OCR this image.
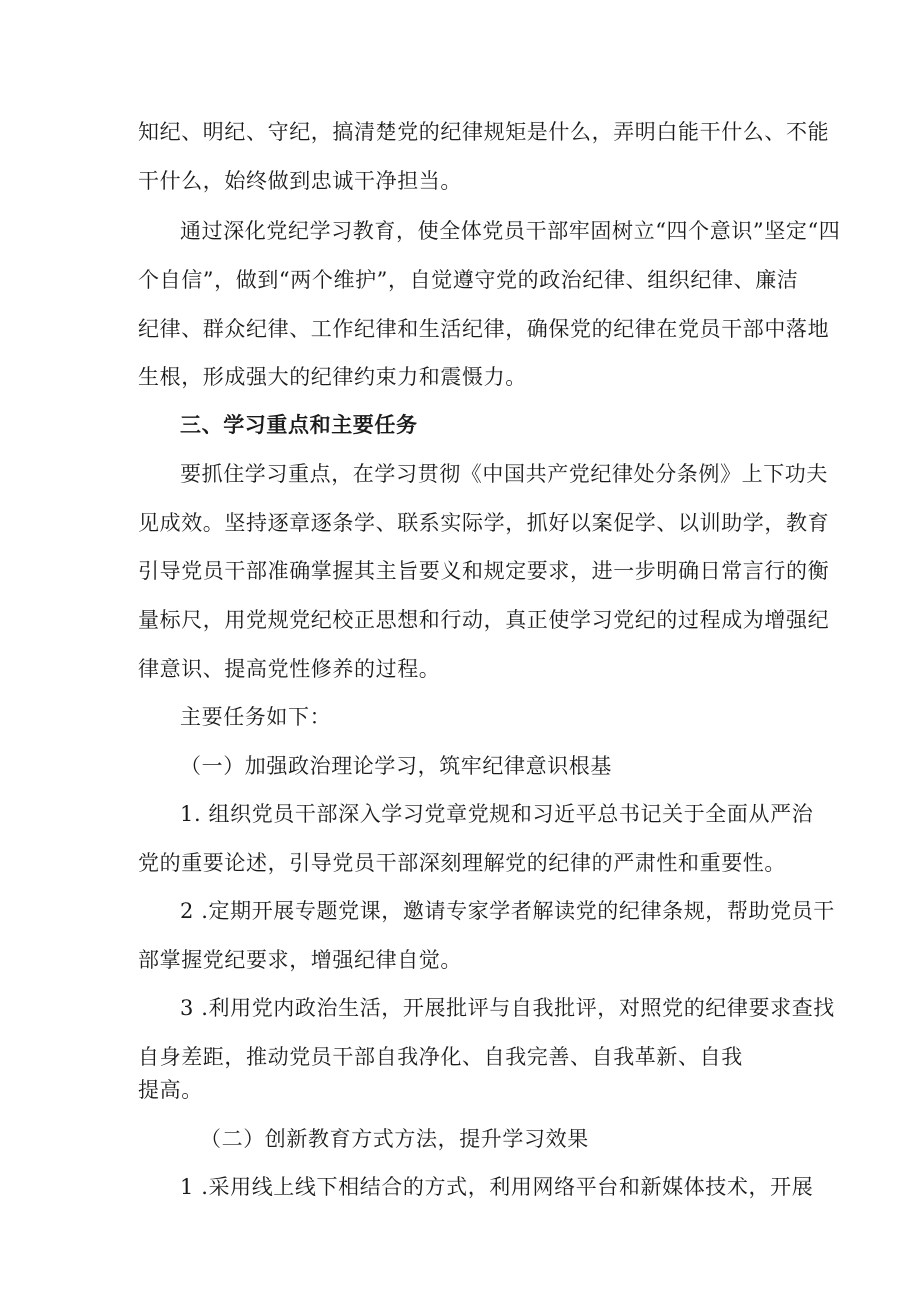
知纪、明纪、守纪，搞清楚党的纪律规矩是什么，弄明白能干什么、不能
干什么，始终做到忠诚干净担当。
通过深化党纪学习教育，使全体党员干部牢固树立“四个意识”坚定“四
个自信”，做到“两个维护”，自觉遵守党的政治纪律、组织纪律、廉洁
纪律、群众纪律、工作纪律和生活纪律，确保党的纪律在党员干部中落地
生根，形成强大的纪律约束力和震慑力。
三、学习重点和主要任务
要抓住学习重点，在学习贯彻《中国共产党纪律处分条例》上下功夫
见成效。坚持逐章逐条学、联系实际学，抓好以案促学、以训助学，教育
引导党员干部准确掌握其主旨要义和规定要求，进一步明确日常言行的衡
量标尺，用党规党纪校正思想和行动，真正使学习党纪的过程成为增强纪
律意识、提高党性修养的过程。
主要任务如下：
（一）加强政治理论学习，筑牢纪律意识根基
1. 组织党员干部深入学习党章党规和习近平总书记关于全面从严治
党的重要论述，引导党员干部深刻理解党的纪律的严肃性和重要性。
2 .定期开展专题党课，邀请专家学者解读党的纪律条规，帮助党员干
部掌握党纪要求，增强纪律自觉。
3 .利用党内政治生活，开展批评与自我批评，对照党的纪律要求查找
自身差距，推动党员干部自我净化、自我完善、自我革新、自我
提高。
（二）创新教育方式方法，提升学习效果
1 .采用线上线下相结合的方式，利用网络平台和新媒体技术，开展
